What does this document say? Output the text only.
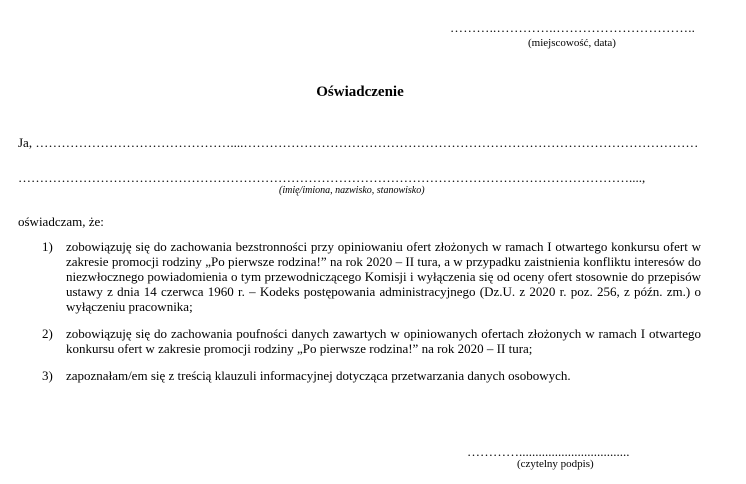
………..…………..…………………………..
(miejscowość, data)
Oświadczenie
Ja, ………………………………………....……………………………………………………………………………………………
……………………………………………………………………………………………………………………………....,
(imię/imiona, nazwisko, stanowisko)
oświadczam, że:
1) zobowiązuję się do zachowania bezstronności przy opiniowaniu ofert złożonych w ramach I otwartego konkursu ofert w zakresie promocji rodziny „Po pierwsze rodzina!” na rok 2020 – II tura, a w przypadku zaistnienia konfliktu interesów do niezwłocznego powiadomienia o tym przewodniczącego Komisji i wyłączenia się od oceny ofert stosownie do przepisów ustawy z dnia 14 czerwca 1960 r. – Kodeks postępowania administracyjnego (Dz.U. z 2020 r. poz. 256, z późn. zm.) o wyłączeniu pracownika;
2) zobowiązuję się do zachowania poufności danych zawartych w opiniowanych ofertach złożonych w ramach I otwartego konkursu ofert w zakresie promocji rodziny „Po pierwsze rodzina!” na rok 2020 – II tura;
3) zapoznałam/em się z treścią klauzuli informacyjnej dotycząca przetwarzania danych osobowych.
…………..................................
(czytelny podpis)
